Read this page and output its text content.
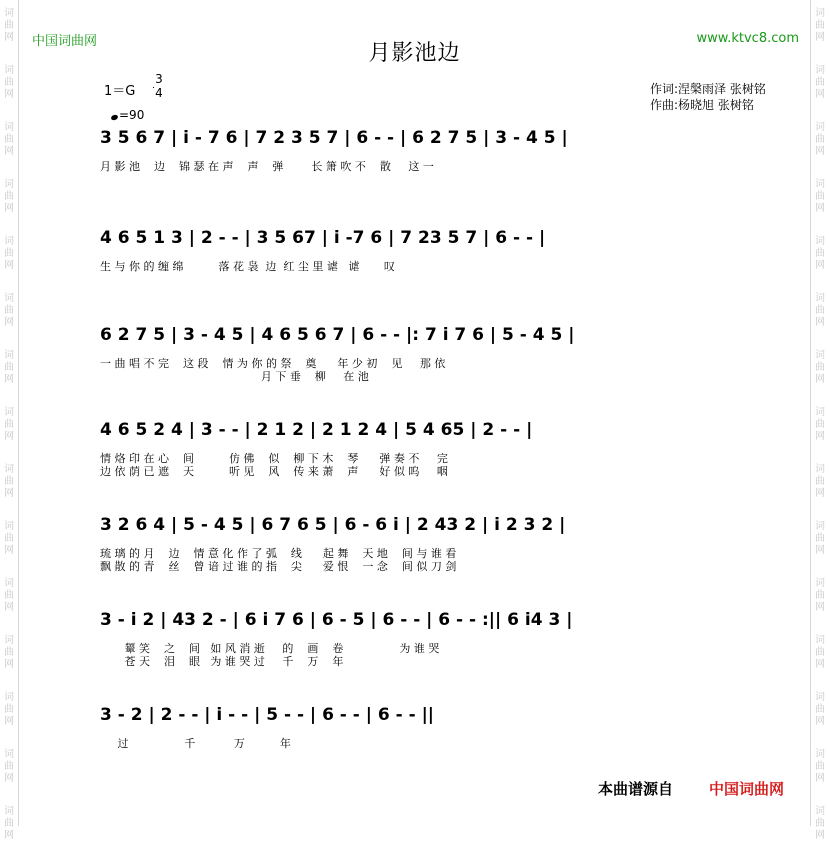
词
曲
网
词
曲
网
词
曲
网
词
曲
网
词
曲
网
词
曲
网
词
曲
网
词
曲
网
词
曲
网
词
曲
网
词
曲
网
词
曲
网
词
曲
网
词
曲
网
词
曲
网
词
曲
网
词
曲
网
词
曲
网
词
曲
网
词
曲
网
词
曲
网
词
曲
网
词
曲
网
词
曲
网
词
曲
网
词
曲
网
词
曲
网
词
曲
网
词
曲
网
词
曲
网
中国词曲网	www.ktvc8.com
月影池边
1＝G
3
4
=90
作词:涅槃雨泽 张树铭
作曲:杨晓旭 张树铭
3 5 6 7 | i - 7 6 | 7 2 3 5 7 | 6 - - | 6 2 7 5 | 3 - 4 5 |
月 影 池    边    锦 瑟 在 声    声    弹        长 箫 吹 不    散     这 一
4 6 5 1 3 | 2 - - | 3 5 67 | i -7 6 | 7 23 5 7 | 6 - - |
生 与 你 的 缠 绵          落 花 袅  边  红 尘 里 谑   谑       叹
6 2 7 5 | 3 - 4 5 | 4 6 5 6 7 | 6 - - |: 7 i 7 6 | 5 - 4 5 |
一 曲 唱 不 完    这 段    情 为 你 的 祭    奠      年 少 初    见     那 依
月 下 垂    柳     在 池
4 6 5 2 4 | 3 - - | 2 1 2 | 2 1 2 4 | 5 4 65 | 2 - - |
情 烙 印 在 心    间          仿 佛    似    柳 下 木    琴      弹 奏 不     完
边 依 荫 已 遮    天          听 见    风    传 来 萧    声      好 似 呜     咽
3 2 6 4 | 5 - 4 5 | 6 7 6 5 | 6 - 6 i | 2 43 2 | i 2 3 2 |
琉 璃 的 月    边    情 意 化 作 了 弧    线      起 舞    天 地    间 与 谁 看
飘 散 的 青    丝    曾 谙 过 谁 的 指    尖      爱 恨    一 念    间 似 刀 剑
3 - i 2 | 43 2 - | 6 i 7 6 | 6 - 5 | 6 - - | 6 - - :|| 6 i4 3 |
颦 笑    之    间   如 风 消 逝     的    画    卷                为 谁 哭
苍 天    泪    眼   为 谁 哭 过     千    万    年
3 - 2 | 2 - - | i - - | 5 - - | 6 - - | 6 - - ||
过                千           万          年
本曲谱源自 中国词曲网
